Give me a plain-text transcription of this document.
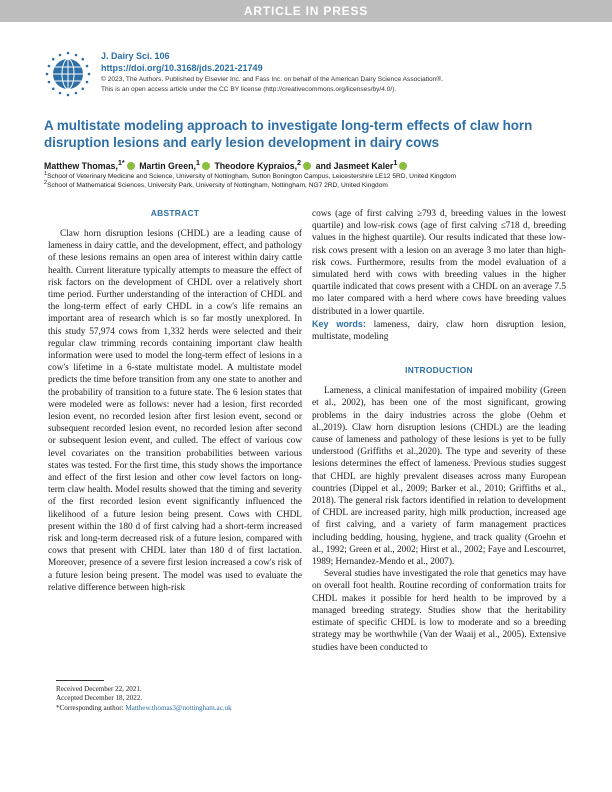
ARTICLE IN PRESS
J. Dairy Sci. 106
https://doi.org/10.3168/jds.2021-21749
© 2023, The Authors. Published by Elsevier Inc. and Fass Inc. on behalf of the American Dairy Science Association®.
This is an open access article under the CC BY license (http://creativecommons.org/licenses/by/4.0/).
A multistate modeling approach to investigate long-term effects of claw horn disruption lesions and early lesion development in dairy cows
Matthew Thomas,$^{1*}$ Martin Green,$^1$ Theodore Kypraios,$^2$ and Jasmeet Kaler$^1$
$^1$School of Veterinary Medicine and Science, University of Nottingham, Sutton Bonington Campus, Leicestershire LE12 5RD, United Kingdom
$^2$School of Mathematical Sciences, University Park, University of Nottingham, Nottingham, NG7 2RD, United Kingdom
ABSTRACT

Claw horn disruption lesions (CHDL) are a leading cause of lameness in dairy cattle, and the development, effect, and pathology of these lesions remains an open area of interest within dairy cattle health. Current literature typically attempts to measure the effect of risk factors on the development of CHDL over a relatively short time period. Further understanding of the interaction of CHDL and the long-term effect of early CHDL in a cow's life remains an important area of research which is so far mostly unexplored. In this study 57,974 cows from 1,332 herds were selected and their regular claw trimming records containing important claw health information were used to model the long-term effect of lesions in a cow's lifetime in a 6-state multistate model. A multistate model predicts the time before transition from any one state to another and the probability of transition to a future state. The 6 lesion states that were modeled were as follows: never had a lesion, first recorded lesion event, no recorded lesion after first lesion event, second or subsequent recorded lesion event, no recorded lesion after second or subsequent lesion event, and culled. The effect of various cow level covariates on the transition probabilities between various states was tested. For the first time, this study shows the importance and effect of the first lesion and other cow level factors on long-term claw health. Model results showed that the timing and severity of the first recorded lesion event significantly influenced the likelihood of a future lesion being present. Cows with CHDL present within the 180 d of first calving had a short-term increased risk and long-term decreased risk of a future lesion, compared with cows that present with CHDL later than 180 d of first lactation. Moreover, presence of a severe first lesion increased a cow's risk of a future lesion being present. The model was used to evaluate the relative difference between high-risk

cows (age of first calving ≥793 d, breeding values in the lowest quartile) and low-risk cows (age of first calving ≤718 d, breeding values in the highest quartile). Our results indicated that these low-risk cows present with a lesion on an average 3 mo later than high-risk cows. Furthermore, results from the model evaluation of a simulated herd with cows with breeding values in the higher quartile indicated that cows present with a CHDL on an average 7.5 mo later compared with a herd where cows have breeding values distributed in a lower quartile.

Key words: lameness, dairy, claw horn disruption lesion, multistate, modeling

INTRODUCTION

Lameness, a clinical manifestation of impaired mobility (Green et al., 2002), has been one of the most significant, growing problems in the dairy industries across the globe (Oehm et al.,2019). Claw horn disruption lesions (CHDL) are the leading cause of lameness and pathology of these lesions is yet to be fully understood (Griffiths et al.,2020). The type and severity of these lesions determines the effect of lameness. Previous studies suggest that CHDL are highly prevalent diseases across many European countries (Dippel et al., 2009; Barker et al., 2010; Griffiths et al., 2018). The general risk factors identified in relation to development of CHDL are increased parity, high milk production, increased age of first calving, and a variety of farm management practices including bedding, housing, hygiene, and track quality (Groehn et al., 1992; Green et al., 2002; Hirst et al., 2002; Faye and Lescourret, 1989; Hernandez-Mendo et al., 2007).

Several studies have investigated the role that genetics may have on overall foot health. Routine recording of conformation traits for CHDL makes it possible for herd health to be improved by a managed breeding strategy. Studies show that the heritability estimate of specific CHDL is low to moderate and so a breeding strategy may be worthwhile (Van der Waaij et al., 2005). Extensive studies have been conducted to

Received December 22, 2021.
Accepted December 18, 2022.
*Corresponding author: Matthew.thomas3@nottingham.ac.uk
